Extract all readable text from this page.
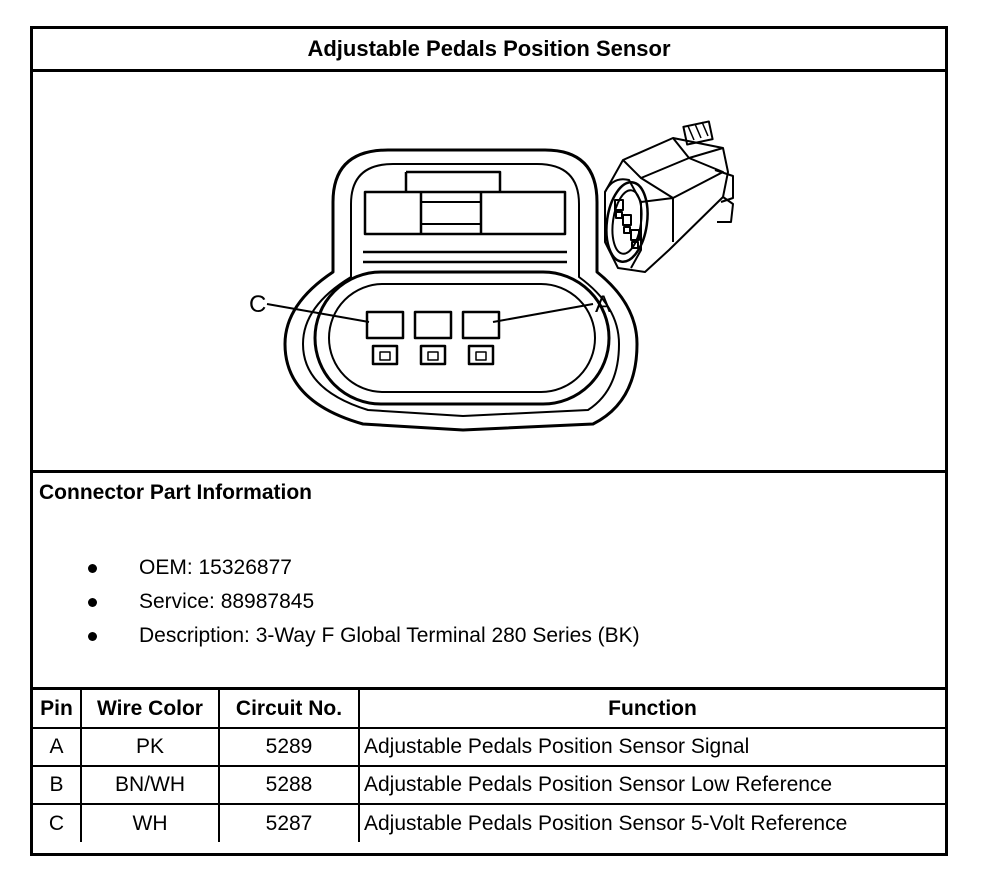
Adjustable Pedals Position Sensor
C	A
Connector Part Information
OEM: 15326877
Service: 88987845
Description: 3-Way F Global Terminal 280 Series (BK)
Pin	Wire Color	Circuit No.	Function
A	PK	5289	Adjustable Pedals Position Sensor Signal
B	BN/WH	5288	Adjustable Pedals Position Sensor Low Reference
C	WH	5287	Adjustable Pedals Position Sensor 5-Volt Reference
